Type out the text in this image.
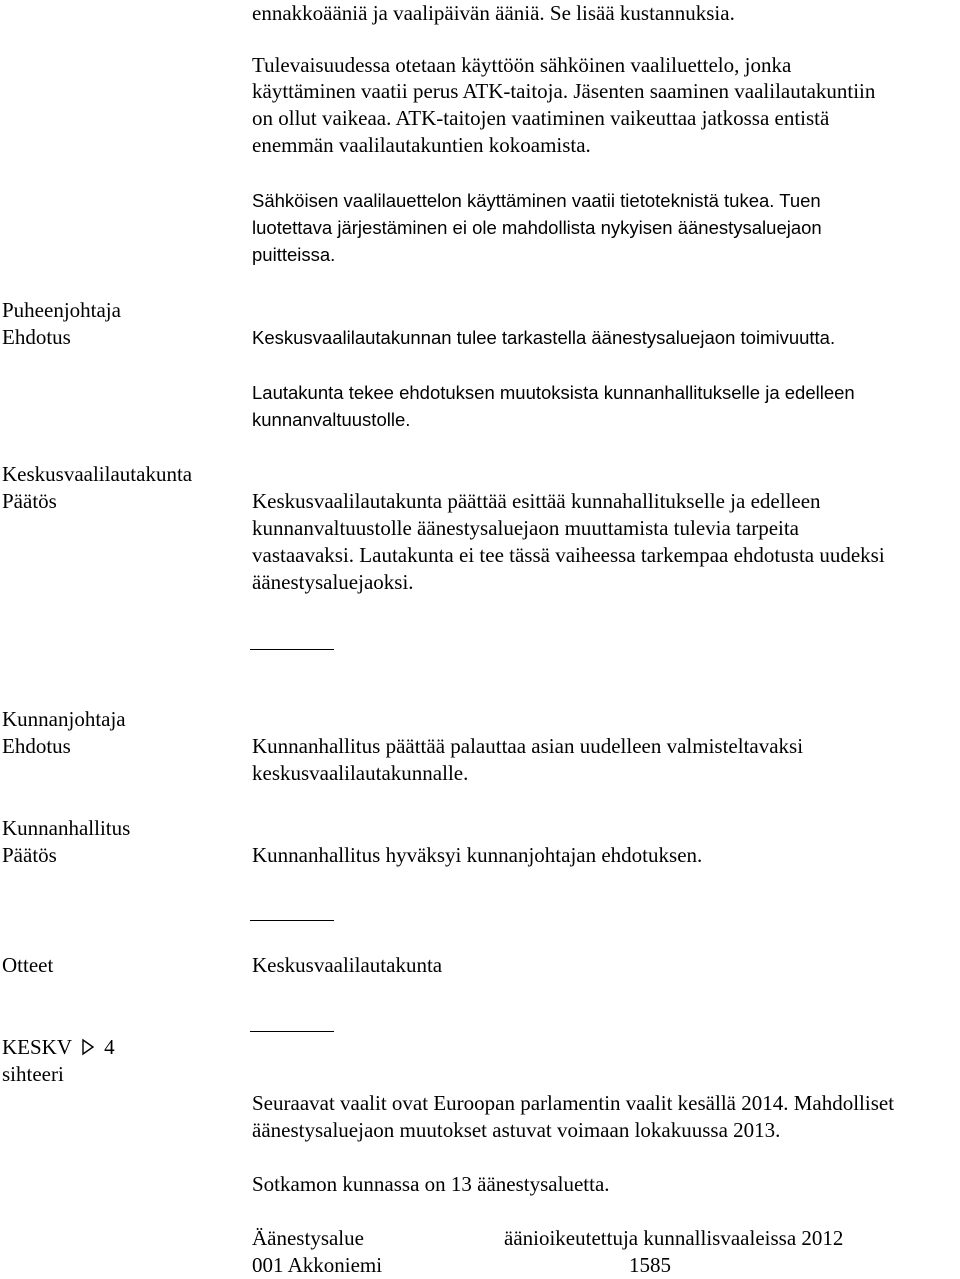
ennakkoääniä ja vaalipäivän ääniä. Se lisää kustannuksia.
Tulevaisuudessa otetaan käyttöön sähköinen vaaliluettelo, jonka
käyttäminen vaatii perus ATK-taitoja. Jäsenten saaminen vaalilautakuntiin
on ollut vaikeaa. ATK-taitojen vaatiminen vaikeuttaa jatkossa entistä
enemmän vaalilautakuntien kokoamista.
Sähköisen vaalilauettelon käyttäminen vaatii tietoteknistä tukea. Tuen
luotettava järjestäminen ei ole mahdollista nykyisen äänestysaluejaon
puitteissa.
Puheenjohtaja
Ehdotus	Keskusvaalilautakunnan tulee tarkastella äänestysaluejaon toimivuutta.
Lautakunta tekee ehdotuksen muutoksista kunnanhallitukselle ja edelleen
kunnanvaltuustolle.
Keskusvaalilautakunta
Päätös	Keskusvaalilautakunta päättää esittää kunnahallitukselle ja edelleen
kunnanvaltuustolle äänestysaluejaon muuttamista tulevia tarpeita
vastaavaksi. Lautakunta ei tee tässä vaiheessa tarkempaa ehdotusta uudeksi
äänestysaluejaoksi.
Kunnanjohtaja
Ehdotus	Kunnanhallitus päättää palauttaa asian uudelleen valmisteltavaksi
keskusvaalilautakunnalle.
Kunnanhallitus
Päätös	Kunnanhallitus hyväksyi kunnanjohtajan ehdotuksen.
Otteet	Keskusvaalilautakunta
KESKV 4
sihteeri
Seuraavat vaalit ovat Euroopan parlamentin vaalit kesällä 2014. Mahdolliset
äänestysaluejaon muutokset astuvat voimaan lokakuussa 2013.
Sotkamon kunnassa on 13 äänestysaluetta.
Äänestysalue	äänioikeutettuja kunnallisvaaleissa 2012
001 Akkoniemi	1585
